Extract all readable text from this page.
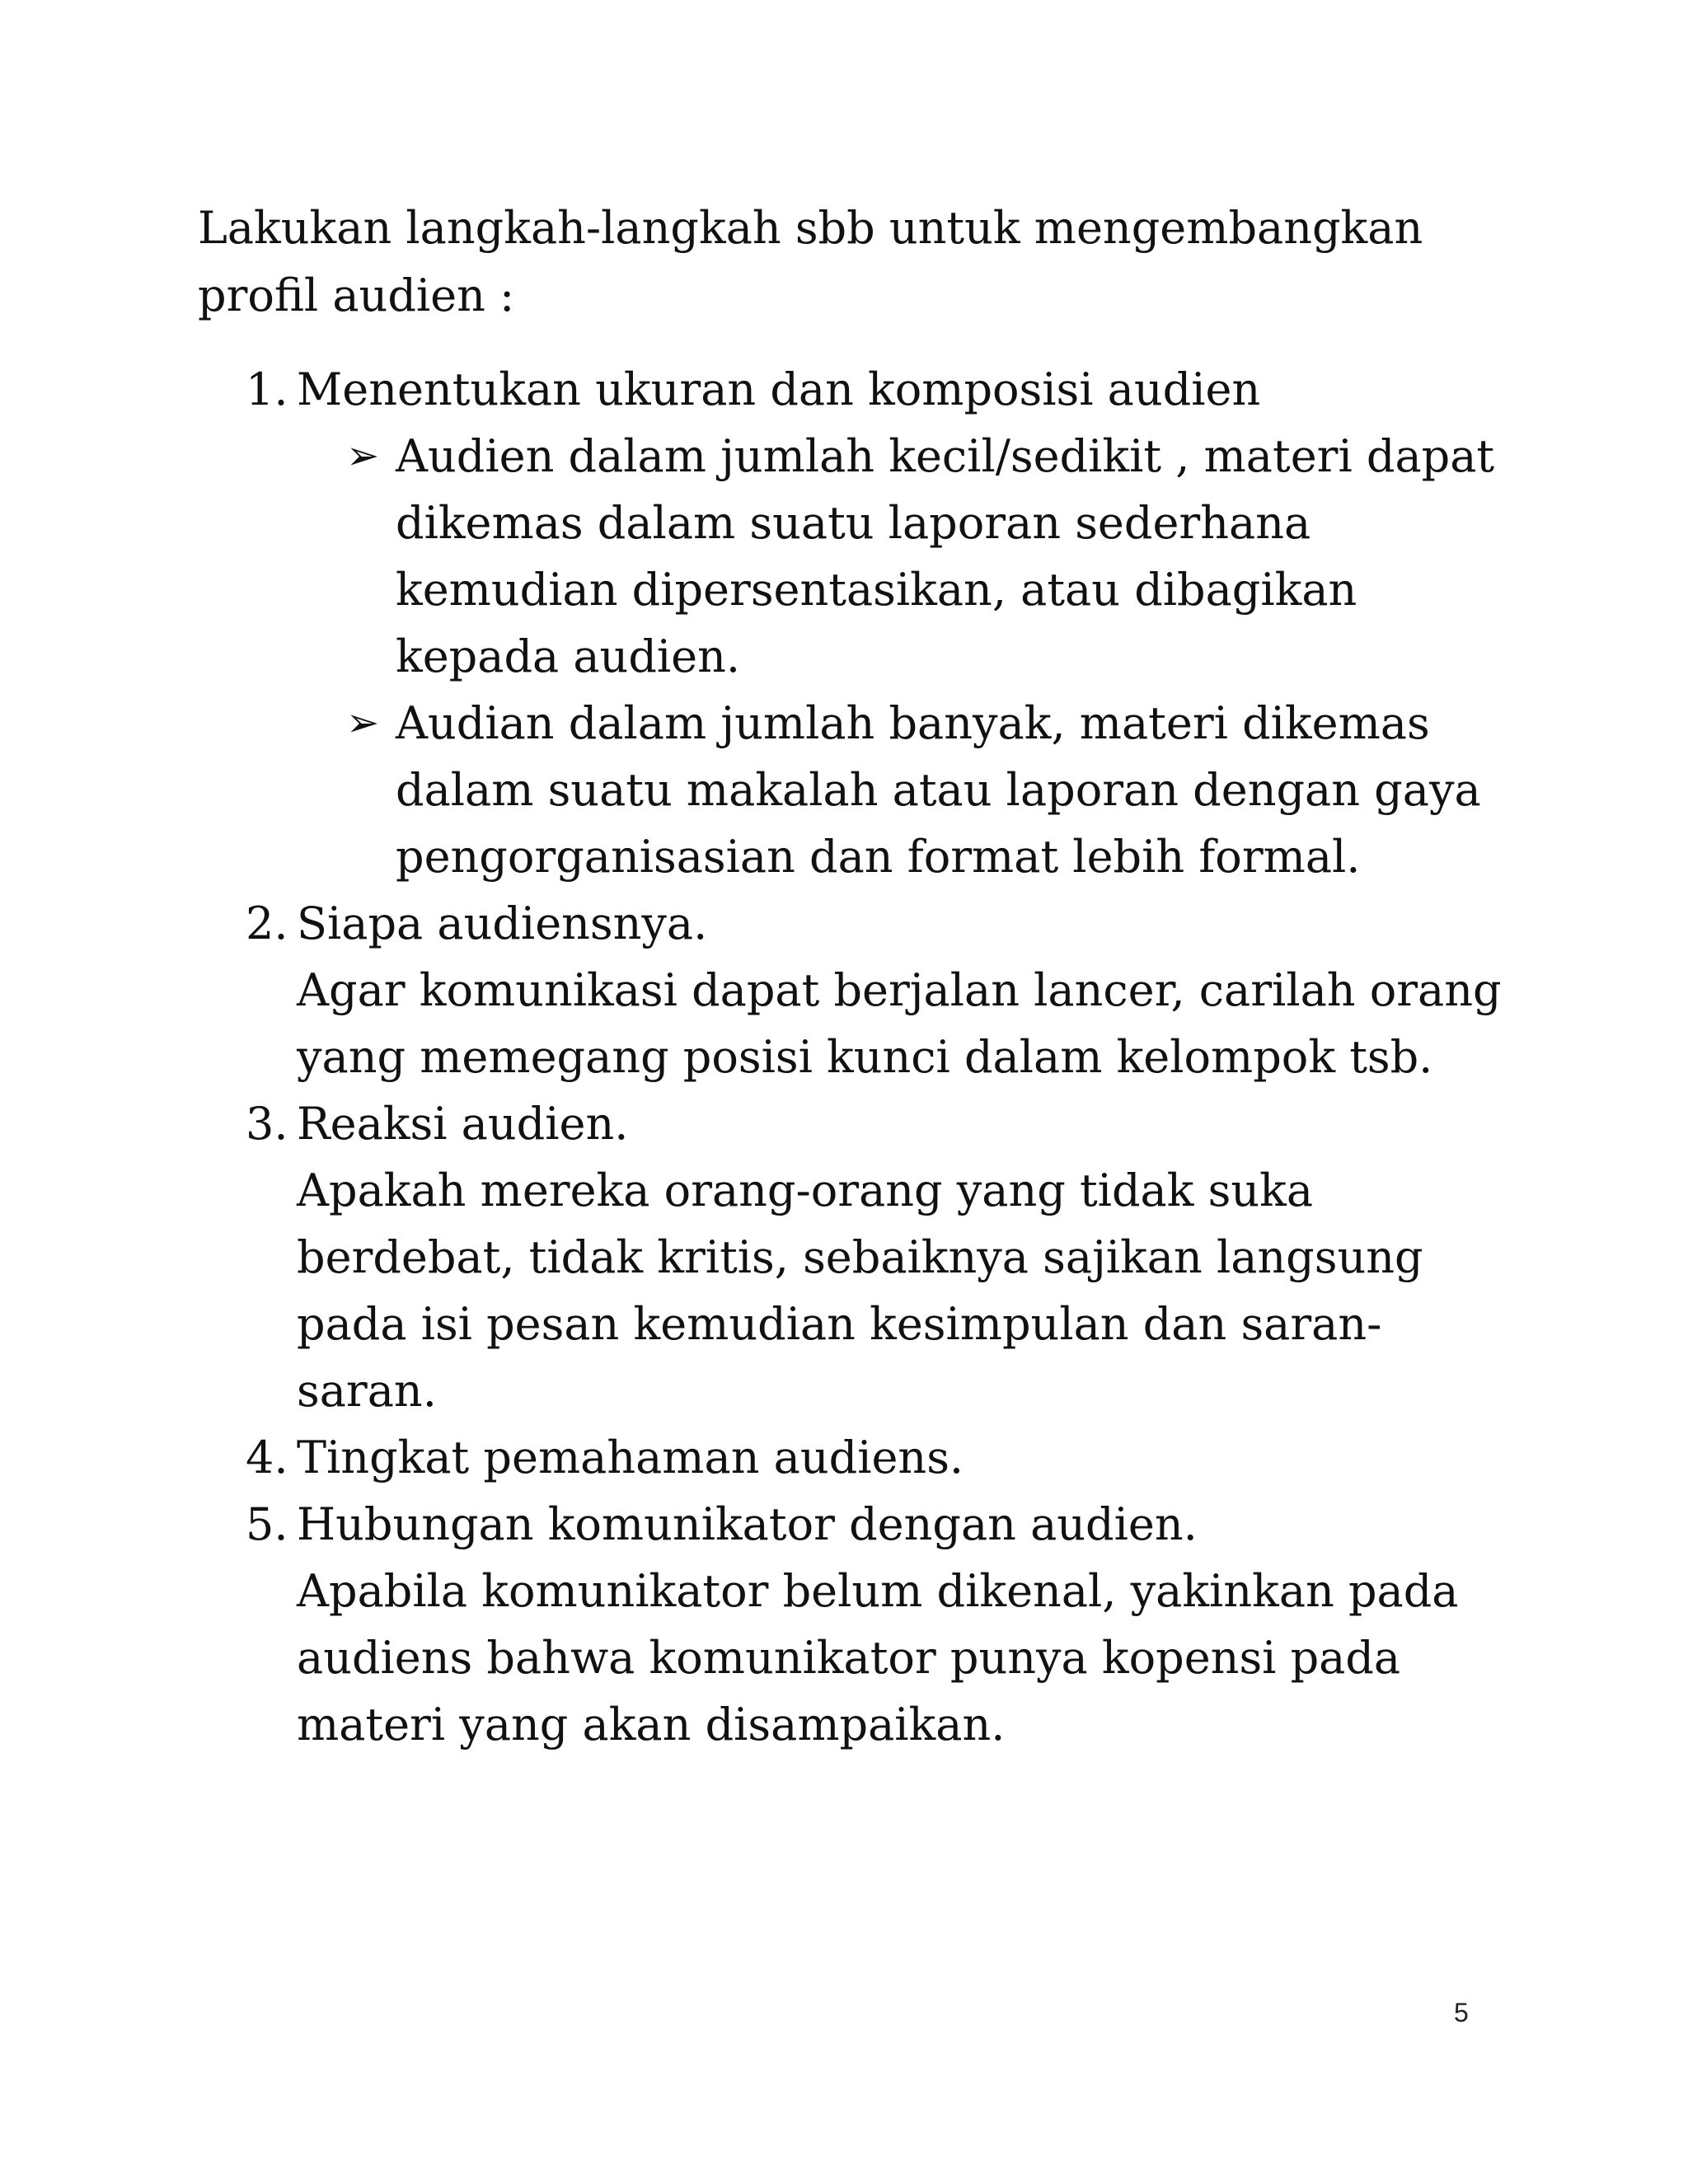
Lakukan langkah-langkah sbb untuk mengembangkan profil audien :

1. Menentukan ukuran dan komposisi audien
➢ Audien dalam jumlah kecil/sedikit , materi dapat dikemas dalam suatu laporan sederhana kemudian dipersentasikan, atau dibagikan kepada audien.
➢ Audian dalam jumlah banyak, materi dikemas dalam suatu makalah atau laporan dengan gaya pengorganisasian dan format lebih formal.
2. Siapa audiensnya.
Agar komunikasi dapat berjalan lancer, carilah orang yang memegang posisi kunci dalam kelompok tsb.
3. Reaksi audien.
Apakah mereka orang-orang yang tidak suka berdebat, tidak kritis, sebaiknya sajikan langsung pada isi pesan kemudian kesimpulan dan saran-saran.
4. Tingkat pemahaman audiens.
5. Hubungan komunikator dengan audien.
Apabila komunikator belum dikenal, yakinkan pada audiens bahwa komunikator punya kopensi pada materi yang akan disampaikan.
5
